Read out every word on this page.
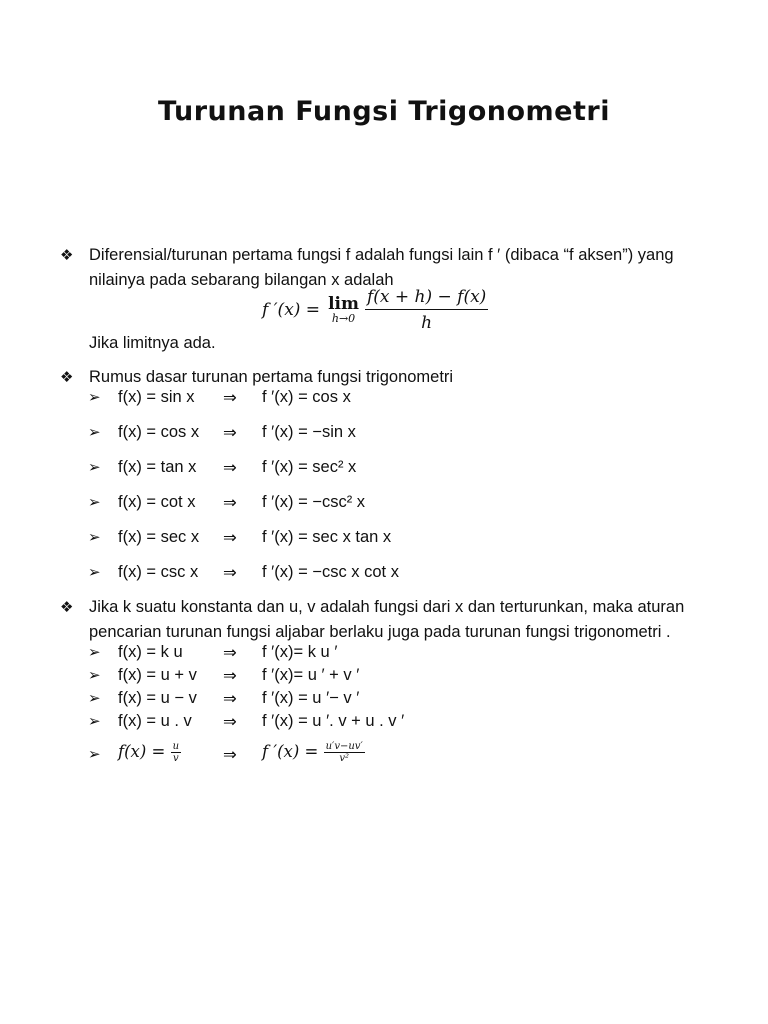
Turunan Fungsi Trigonometri
❖ Diferensial/turunan pertama fungsi f adalah fungsi lain f ′ (dibaca “f aksen”) yang
nilainya pada sebarang bilangan x adalah
f ′(x) = lim
$h\to 0 \frac{f(x + h) - f(x)}{h}$
Jika limitnya ada.
❖ Rumus dasar turunan pertama fungsi trigonometri
➢ f(x) = sin x ⇒ f ′(x) = cos x
➢ f(x) = cos x ⇒ f ′(x) = −sin x
➢ f(x) = tan x ⇒ f ′(x) = sec² x
➢ f(x) = cot x ⇒ f ′(x) = −csc² x
➢ f(x) = sec x ⇒ f ′(x) = sec x tan x
➢ f(x) = csc x ⇒ f ′(x) = −csc x cot x
❖ Jika k suatu konstanta dan u, v adalah fungsi dari x dan terturunkan, maka aturan
pencarian turunan fungsi aljabar berlaku juga pada turunan fungsi trigonometri .
➢ f(x) = k u ⇒ f ′(x)= k u ′
➢ f(x) = u + v ⇒ f ′(x)= u ′ + v ′
➢ f(x) = u − v ⇒ f ′(x) = u ′− v ′
➢ f(x) = u . v ⇒ f ′(x) = u ′. v + u . v ′
➢ $f(x) = \frac{u}{v}$	⇒ f $'(x) = \frac{u'v-uv'}{\text{v²}}$
